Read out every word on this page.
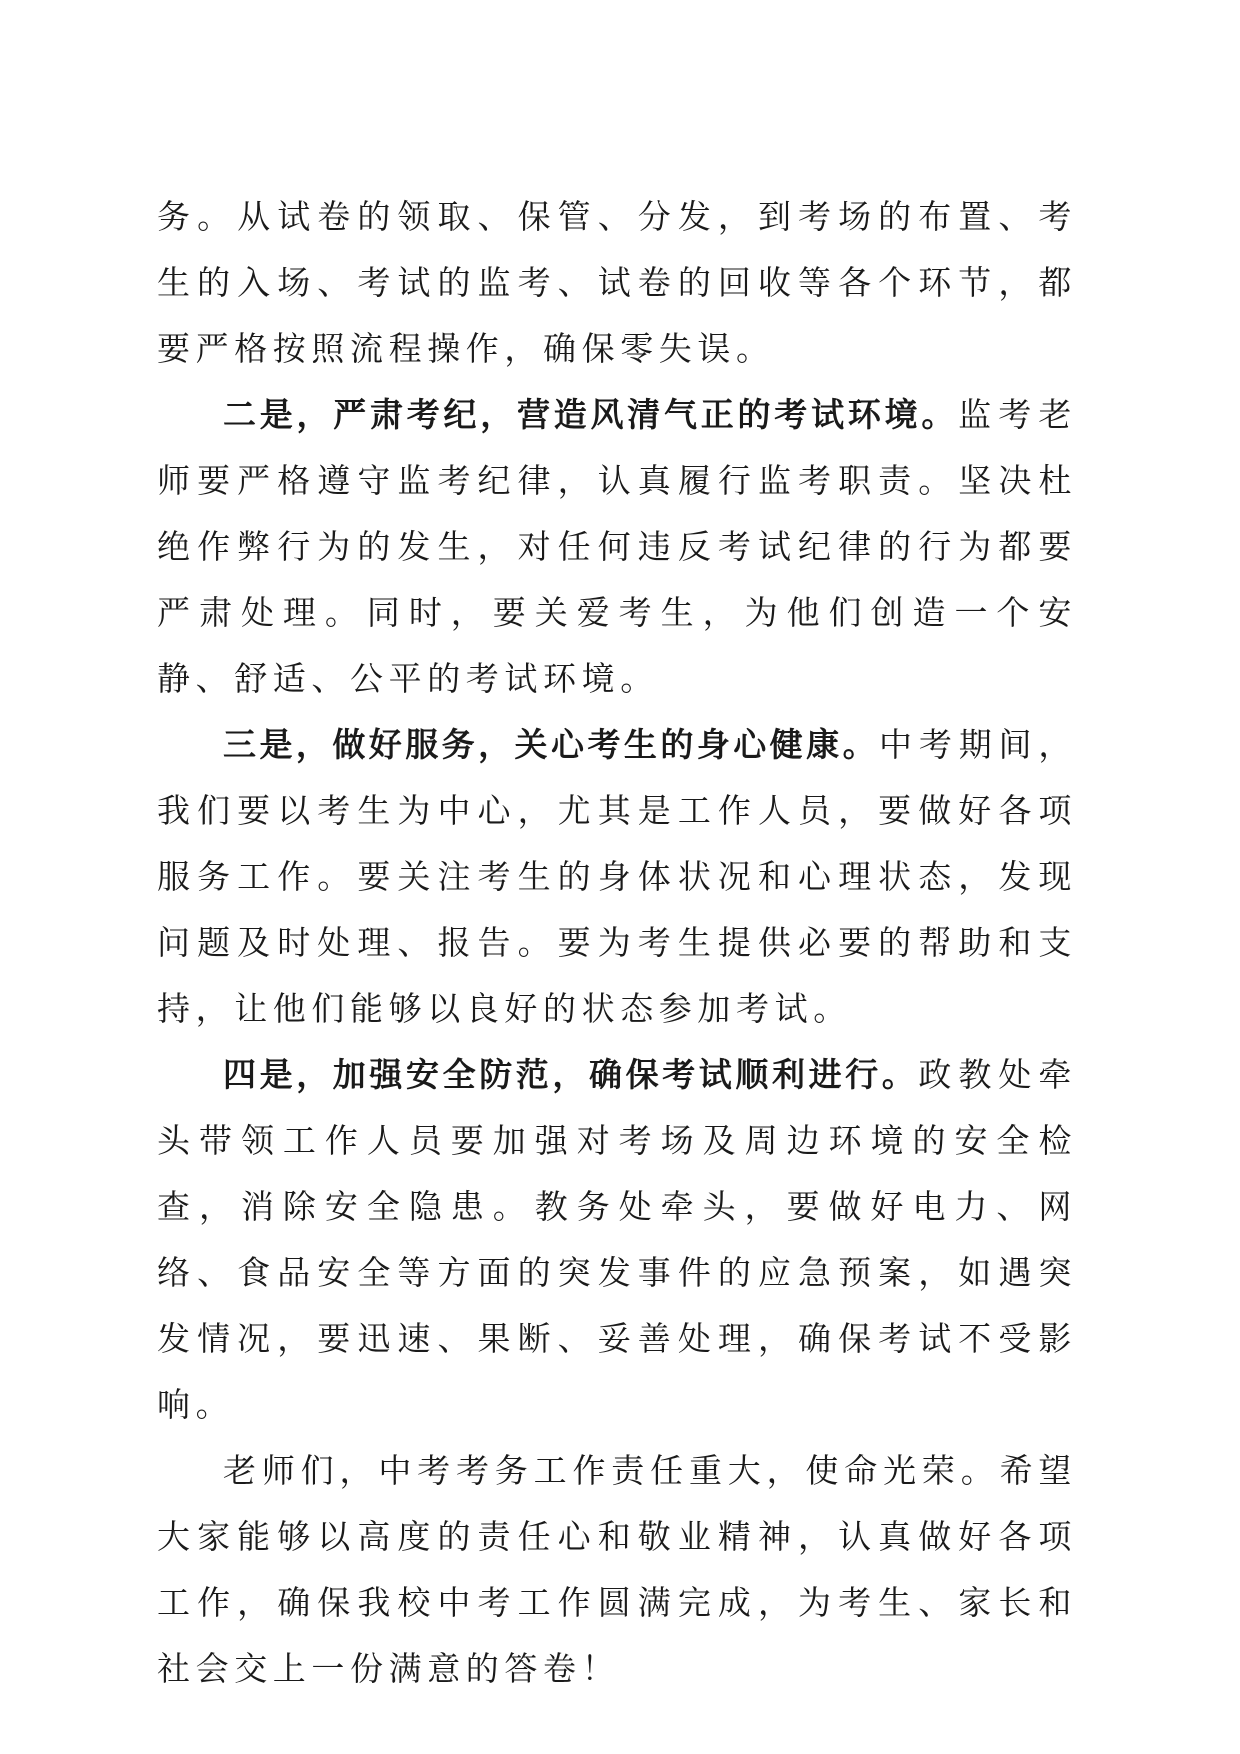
务。从试卷的领取、保管、分发，到考场的布置、考生的入场、考试的监考、试卷的回收等各个环节，都要严格按照流程操作，确保零失误。

二是，严肃考纪，营造风清气正的考试环境。监考老师要严格遵守监考纪律，认真履行监考职责。坚决杜绝作弊行为的发生，对任何违反考试纪律的行为都要严肃处理。同时，要关爱考生，为他们创造一个安静、舒适、公平的考试环境。

三是，做好服务，关心考生的身心健康。中考期间，我们要以考生为中心，尤其是工作人员，要做好各项服务工作。要关注考生的身体状况和心理状态，发现问题及时处理、报告。要为考生提供必要的帮助和支持，让他们能够以良好的状态参加考试。

四是，加强安全防范，确保考试顺利进行。政教处牵头带领工作人员要加强对考场及周边环境的安全检查，消除安全隐患。教务处牵头，要做好电力、网络、食品安全等方面的突发事件的应急预案，如遇突发情况，要迅速、果断、妥善处理，确保考试不受影响。

老师们，中考考务工作责任重大，使命光荣。希望大家能够以高度的责任心和敬业精神，认真做好各项工作，确保我校中考工作圆满完成，为考生、家长和社会交上一份满意的答卷！
